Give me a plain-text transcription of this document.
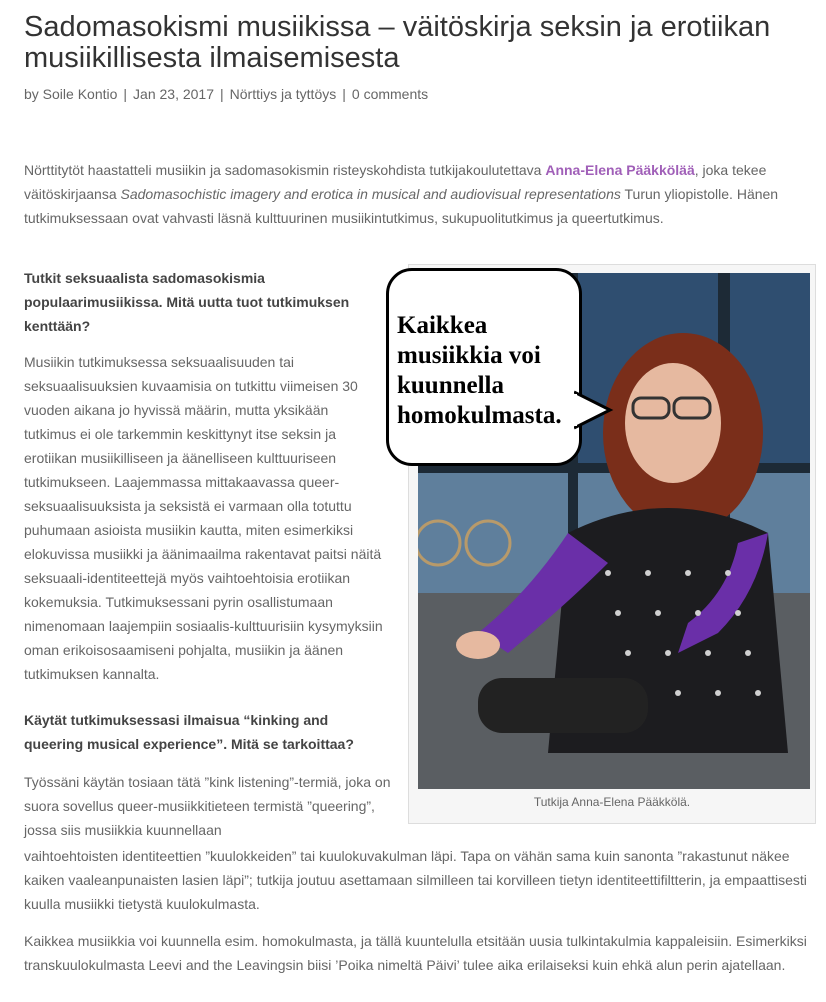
Sadomasokismi musiikissa – väitöskirja seksin ja erotiikan musiikillisesta ilmaisemisesta
by Soile Kontio | Jan 23, 2017 | Nörttiys ja tyttöys | 0 comments

Nörttitytöt haastatteli musiikin ja sadomasokismin risteyskohdista tutkijakoulutettava Anna-Elena Pääkkölää, joka tekee väitöskirjaansa Sadomasochistic imagery and erotica in musical and audiovisual representations Turun yliopistolle. Hänen tutkimuksessaan ovat vahvasti läsnä kulttuurinen musiikintutkimus, sukupuolitutkimus ja queertutkimus.

Tutkit seksuaalista sadomasokismia populaarimusiikissa. Mitä uutta tuot tutkimuksen kenttään?

Musiikin tutkimuksessa seksuaalisuuden tai seksuaalisuuksien kuvaamisia on tutkittu viimeisen 30 vuoden aikana jo hyvissä määrin, mutta yksikään tutkimus ei ole tarkemmin keskittynyt itse seksin ja erotiikan musiikilliseen ja äänelliseen kulttuuriseen tutkimukseen. Laajemmassa mittakaavassa queer-seksuaalisuuksista ja seksistä ei varmaan olla totuttu puhumaan asioista musiikin kautta, miten esimerkiksi elokuvissa musiikki ja äänimaailma rakentavat paitsi näitä seksuaali-identiteettejä myös vaihtoehtoisia erotiikan kokemuksia. Tutkimuksessani pyrin osallistumaan nimenomaan laajempiin sosiaalis-kulttuurisiin kysymyksiin oman erikoisosaamiseni pohjalta, musiikin ja äänen tutkimuksen kannalta.

Käytät tutkimuksessasi ilmaisua “kinking and queering musical experience”. Mitä se tarkoittaa?

Työssäni käytän tosiaan tätä ”kink listening”-termiä, joka on suora sovellus queer-musiikkitieteen termistä ”queering”, jossa siis musiikkia kuunnellaan

vaihtoehtoisten identiteettien ”kuulokkeiden” tai kuulokuvakulman läpi. Tapa on vähän sama kuin sanonta ”rakastunut näkee kaiken vaaleanpunaisten lasien läpi”; tutkija joutuu asettamaan silmilleen tai korvilleen tietyn identiteettifiltterin, ja empaattisesti kuulla musiikki tietystä kuulokulmasta.

Kaikkea musiikkia voi kuunnella esim. homokulmasta, ja tällä kuuntelulla etsitään uusia tulkintakulmia kappaleisiin. Esimerkiksi transkuulokulmasta Leevi and the Leavingsin biisi ’Poika nimeltä Päivi’ tulee aika erilaiseksi kuin ehkä alun perin ajatellaan.

Tutkija Anna-Elena Pääkkölä.
Kaikkea musiikkia voi kuunnella homokulmasta.
